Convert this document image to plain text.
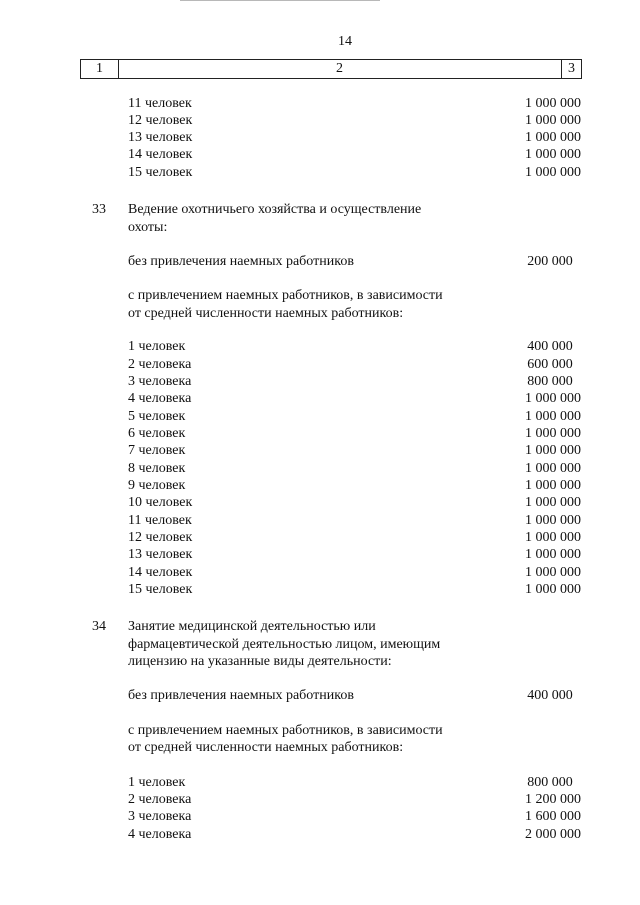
14
1	2	3
11 человек	1 000 000
12 человек	1 000 000
13 человек	1 000 000
14 человек	1 000 000
15 человек	1 000 000
33 Ведение охотничьего хозяйства и осуществление
охоты:
без привлечения наемных работников	200 000
с привлечением наемных работников, в зависимости
от средней численности наемных работников:
1 человек	400 000
2 человека	600 000
3 человека	800 000
4 человека	1 000 000
5 человек	1 000 000
6 человек	1 000 000
7 человек	1 000 000
8 человек	1 000 000
9 человек	1 000 000
10 человек	1 000 000
11 человек	1 000 000
12 человек	1 000 000
13 человек	1 000 000
14 человек	1 000 000
15 человек	1 000 000
34 Занятие медицинской деятельностью или
фармацевтической деятельностью лицом, имеющим
лицензию на указанные виды деятельности:
без привлечения наемных работников	400 000
с привлечением наемных работников, в зависимости
от средней численности наемных работников:
1 человек	800 000
2 человека	1 200 000
3 человека	1 600 000
4 человека	2 000 000
